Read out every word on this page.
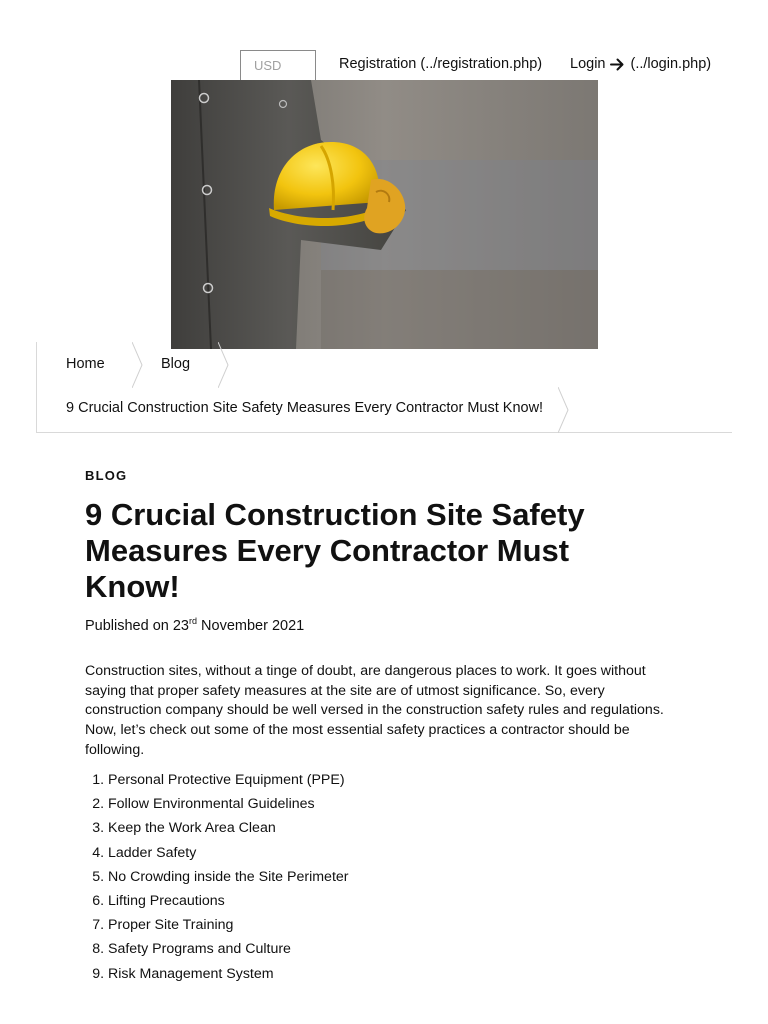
USD	Registration (../registration.php) Login (../login.php)
Home	Blog
9 Crucial Construction Site Safety Measures Every Contractor Must Know!
BLOG
9 Crucial Construction Site Safety Measures Every Contractor Must Know!
Published on 23rd November 2021

Construction sites, without a tinge of doubt, are dangerous places to work. It goes without saying that proper safety measures at the site are of utmost significance. So, every construction company should be well versed in the construction safety rules and regulations. Now, let’s check out some of the most essential safety practices a contractor should be following.

1. Personal Protective Equipment (PPE)
2. Follow Environmental Guidelines
3. Keep the Work Area Clean
4. Ladder Safety
5. No Crowding inside the Site Perimeter
6. Lifting Precautions
7. Proper Site Training
8. Safety Programs and Culture
9. Risk Management System
